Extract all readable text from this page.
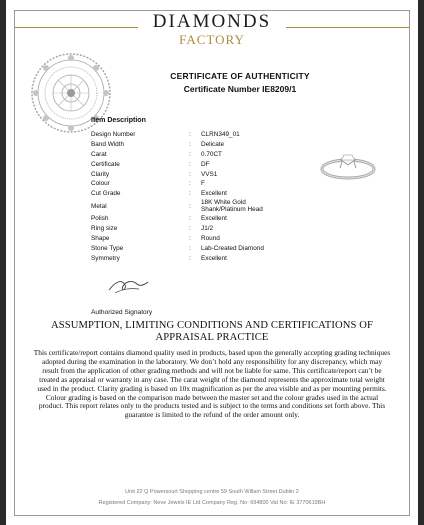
DIAMONDS
FACTORY
CERTIFICATE OF AUTHENTICITY
Certificate Number IE8209/1
Item Description
Design Number	: CLRN349_01
Band Width	: Delicate
Carat	: 0.70CT
Certificate	: DF
Clarity	: VVS1
Colour	: F
Cut Grade	: Excellent
Metal	:
18K White Gold
Shank/Platinum Head
Polish	: Excellent
Ring size	: J1/2
Shape	: Round
Stone Type	: Lab-Created Diamond
Symmetry	: Excellent
Authorized Signatory
ASSUMPTION, LIMITING CONDITIONS AND CERTIFICATIONS OF APPRAISAL PRACTICE
This certificate/report contains diamond quality used in products, based upon the generally accepting grading techniques adopted during the examination in the laboratory. We don’t hold any responsibility for any discrepancy, which may result from the application of other grading methods and will not be liable for same. This certificate/report can’t be treated as appraisal or warranty in any case. The carat weight of the diamond represents the approximate total weight used in the product. Clarity grading is based on 10x magnification as per the area visible and as per mounting permits. Colour grading is based on the comparison made between the master set and the colour grades used in the actual product. This report relates only to the products tested and is subject to the terms and conditions set forth above. This guarantee is limited to the refund of the order amount only.
Unit 22 Q Powersourt Shopping centre 59 South Willam Street Dublin 2
Registered Company: Neve Jewels IE Ltd Company Reg. No: 694800 Vat No: IE 3770619BH
